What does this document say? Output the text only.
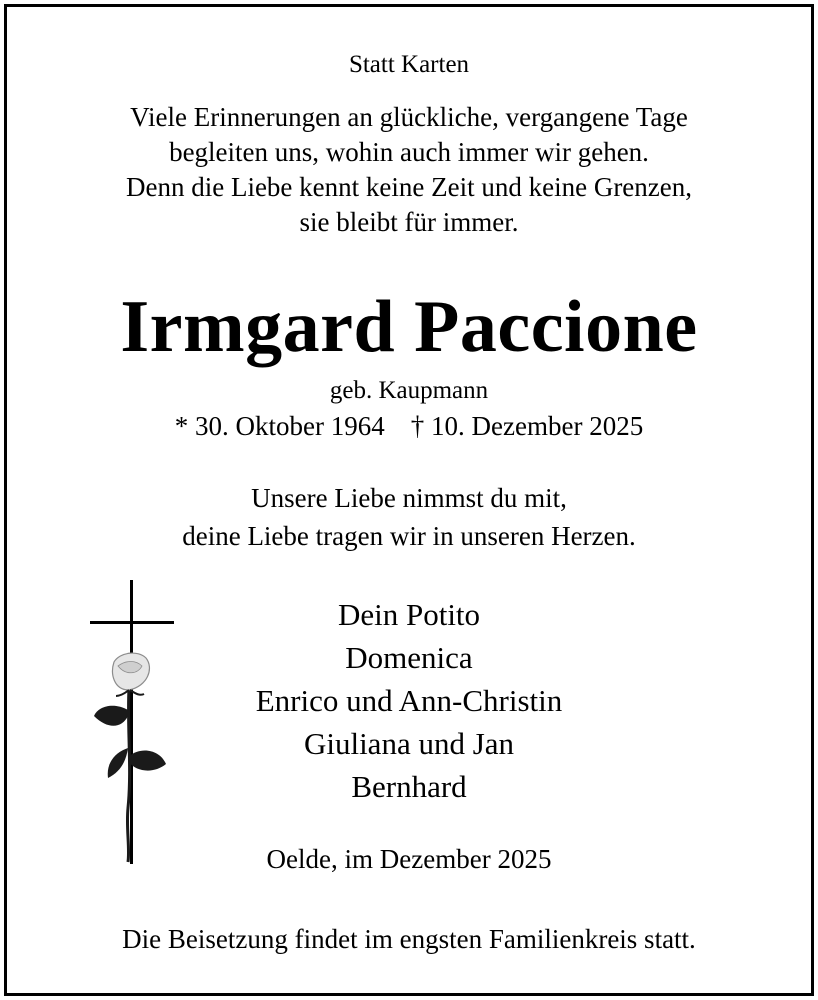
Statt Karten
Viele Erinnerungen an glückliche, vergangene Tage
begleiten uns, wohin auch immer wir gehen.
Denn die Liebe kennt keine Zeit und keine Grenzen,
sie bleibt für immer.
Irmgard Paccione
geb. Kaupmann
* 30. Oktober 1964 † 10. Dezember 2025
Unsere Liebe nimmst du mit,
deine Liebe tragen wir in unseren Herzen.
Dein Potito
Domenica
Enrico und Ann-Christin
Giuliana und Jan
Bernhard
Oelde, im Dezember 2025
Die Beisetzung findet im engsten Familienkreis statt.
